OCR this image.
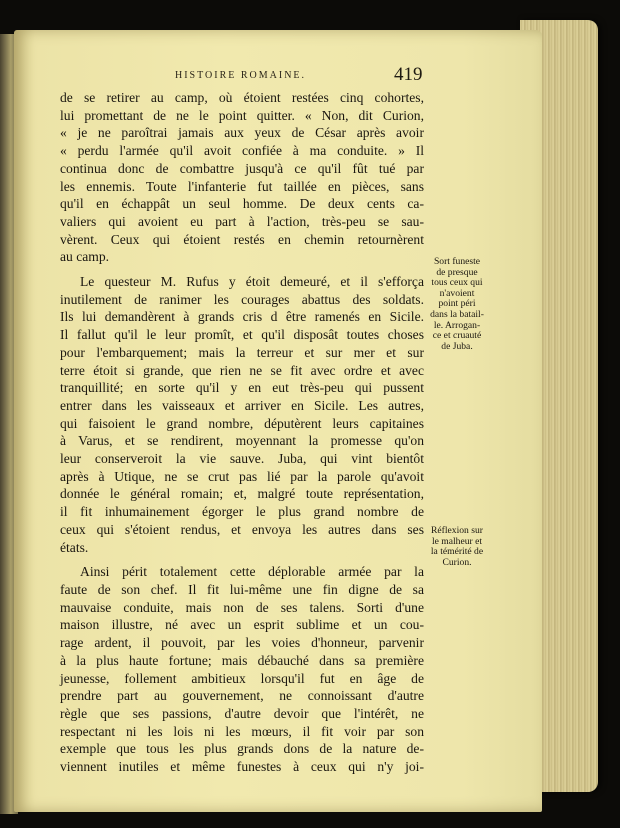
HISTOIRE ROMAINE.	419

de se retirer au camp, où étoient restées cinq cohortes,
lui promettant de ne le point quitter. « Non, dit Curion,
« je ne paroîtrai jamais aux yeux de César après avoir
« perdu l'armée qu'il avoit confiée à ma conduite. » Il
continua donc de combattre jusqu'à ce qu'il fût tué par
les ennemis. Toute l'infanterie fut taillée en pièces, sans
qu'il en échappât un seul homme. De deux cents ca-
valiers qui avoient eu part à l'action, très-peu se sau-
vèrent. Ceux qui étoient restés en chemin retournèrent
au camp.

Le questeur M. Rufus y étoit demeuré, et il s'efforça
inutilement de ranimer les courages abattus des soldats.
Ils lui demandèrent à grands cris d être ramenés en Sicile.
Il fallut qu'il le leur promît, et qu'il disposât toutes choses
pour l'embarquement; mais la terreur et sur mer et sur
terre étoit si grande, que rien ne se fit avec ordre et avec
tranquillité; en sorte qu'il y en eut très-peu qui pussent
entrer dans les vaisseaux et arriver en Sicile. Les autres,
qui faisoient le grand nombre, députèrent leurs capitaines
à Varus, et se rendirent, moyennant la promesse qu'on
leur conserveroit la vie sauve. Juba, qui vint bientôt
après à Utique, ne se crut pas lié par la parole qu'avoit
donnée le général romain; et, malgré toute représentation,
il fit inhumainement égorger le plus grand nombre de
ceux qui s'étoient rendus, et envoya les autres dans ses
états.

Ainsi périt totalement cette déplorable armée par la
faute de son chef. Il fit lui-même une fin digne de sa
mauvaise conduite, mais non de ses talens. Sorti d'une
maison illustre, né avec un esprit sublime et un cou-
rage ardent, il pouvoit, par les voies d'honneur, parvenir
à la plus haute fortune; mais débauché dans sa première
jeunesse, follement ambitieux lorsqu'il fut en âge de
prendre part au gouvernement, ne connoissant d'autre
règle que ses passions, d'autre devoir que l'intérêt, ne
respectant ni les lois ni les mœurs, il fit voir par son
exemple que tous les plus grands dons de la nature de-
viennent inutiles et même funestes à ceux qui n'y joi-

Sort funeste
de presque
tous ceux qui
n'avoient
point péri
dans la batail-
le. Arrogan-
ce et cruauté
de Juba.
Réflexion sur
le malheur et
la témérité de
Curion.
